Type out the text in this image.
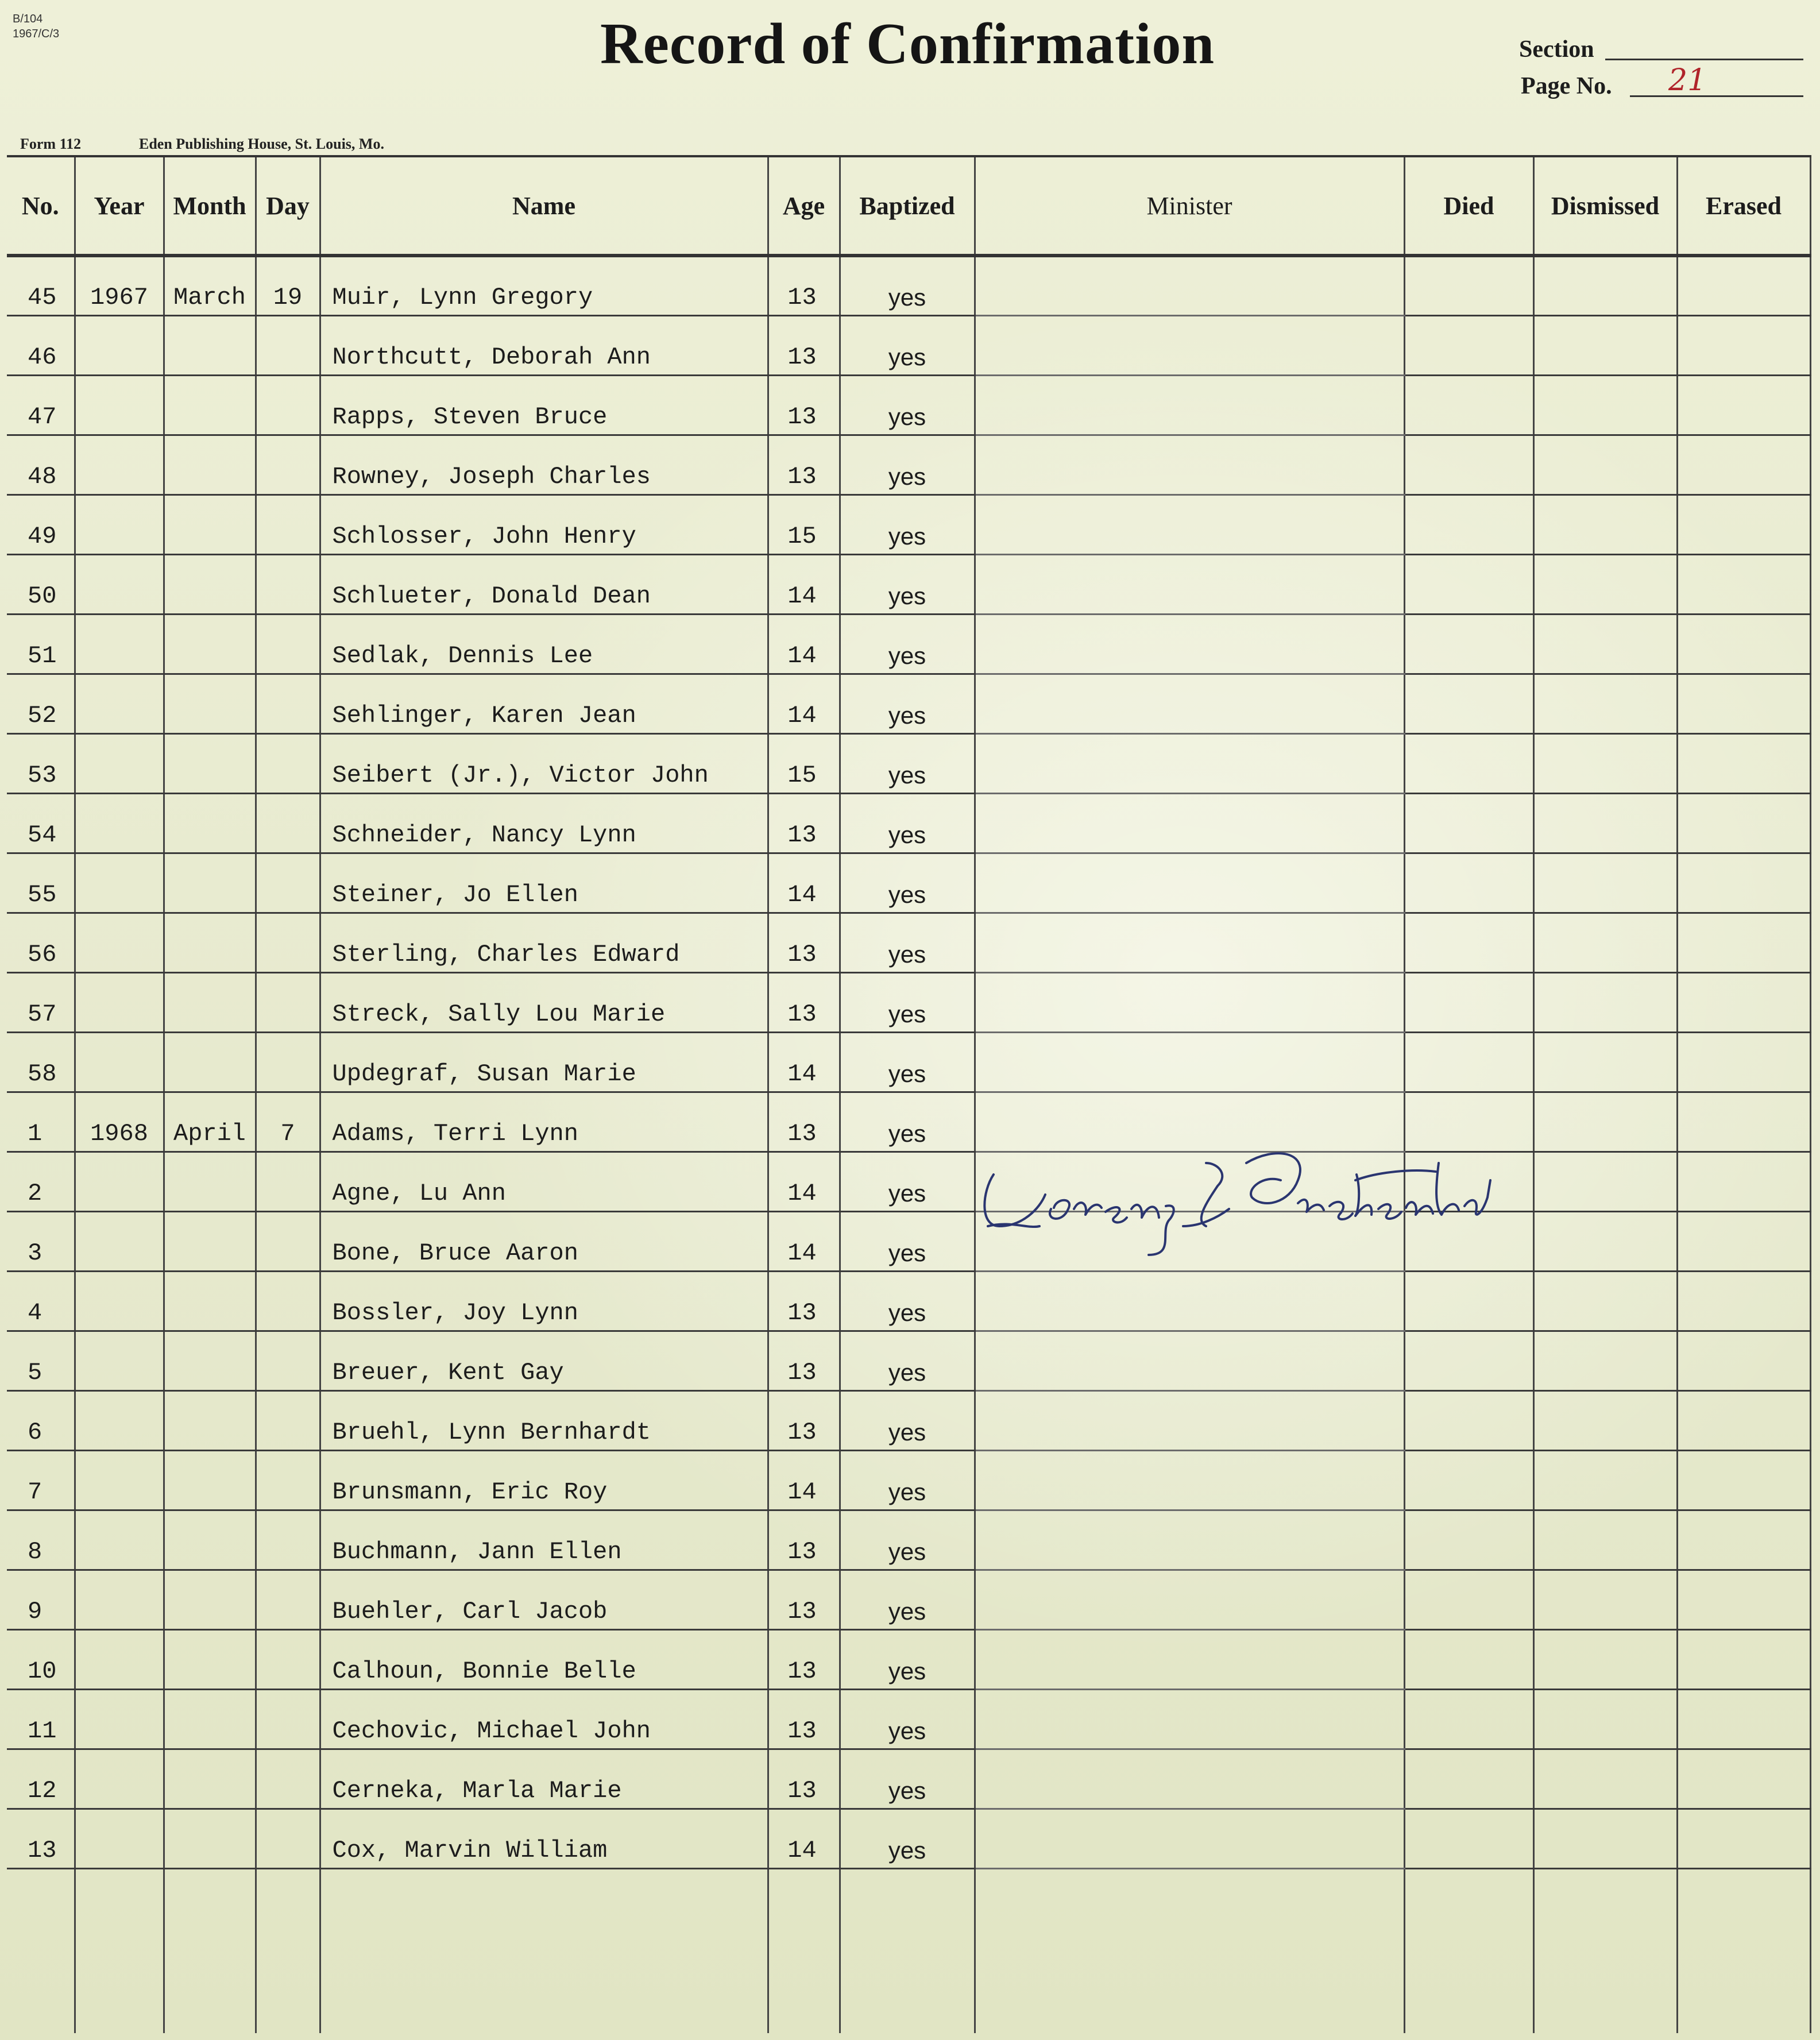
B/104
1967/C/3	Record of Confirmation	Section
Page No. 21
Form 112	Eden Publishing House, St. Louis, Mo.
No.	Year	Month	Day	Name	Age	Baptized	Minister	Died	Dismissed	Erased
45	1967	March	19	Muir, Lynn Gregory	13	yes				
46				Northcutt, Deborah Ann	13	yes				
47				Rapps, Steven Bruce	13	yes				
48				Rowney, Joseph Charles	13	yes				
49				Schlosser, John Henry	15	yes				
50				Schlueter, Donald Dean	14	yes				
51				Sedlak, Dennis Lee	14	yes				
52				Sehlinger, Karen Jean	14	yes				
53				Seibert (Jr.), Victor John	15	yes				
54				Schneider, Nancy Lynn	13	yes				
55				Steiner, Jo Ellen	14	yes				
56				Sterling, Charles Edward	13	yes				
57				Streck, Sally Lou Marie	13	yes				
58				Updegraf, Susan Marie	14	yes				
1	1968	April	7	Adams, Terri Lynn	13	yes				
2				Agne, Lu Ann	14	yes				
3				Bone, Bruce Aaron	14	yes				
4				Bossler, Joy Lynn	13	yes				
5				Breuer, Kent Gay	13	yes				
6				Bruehl, Lynn Bernhardt	13	yes				
7				Brunsmann, Eric Roy	14	yes				
8				Buchmann, Jann Ellen	13	yes				
9				Buehler, Carl Jacob	13	yes				
10				Calhoun, Bonnie Belle	13	yes				
11				Cechovic, Michael John	13	yes				
12				Cerneka, Marla Marie	13	yes				
13				Cox, Marvin William	14	yes				
